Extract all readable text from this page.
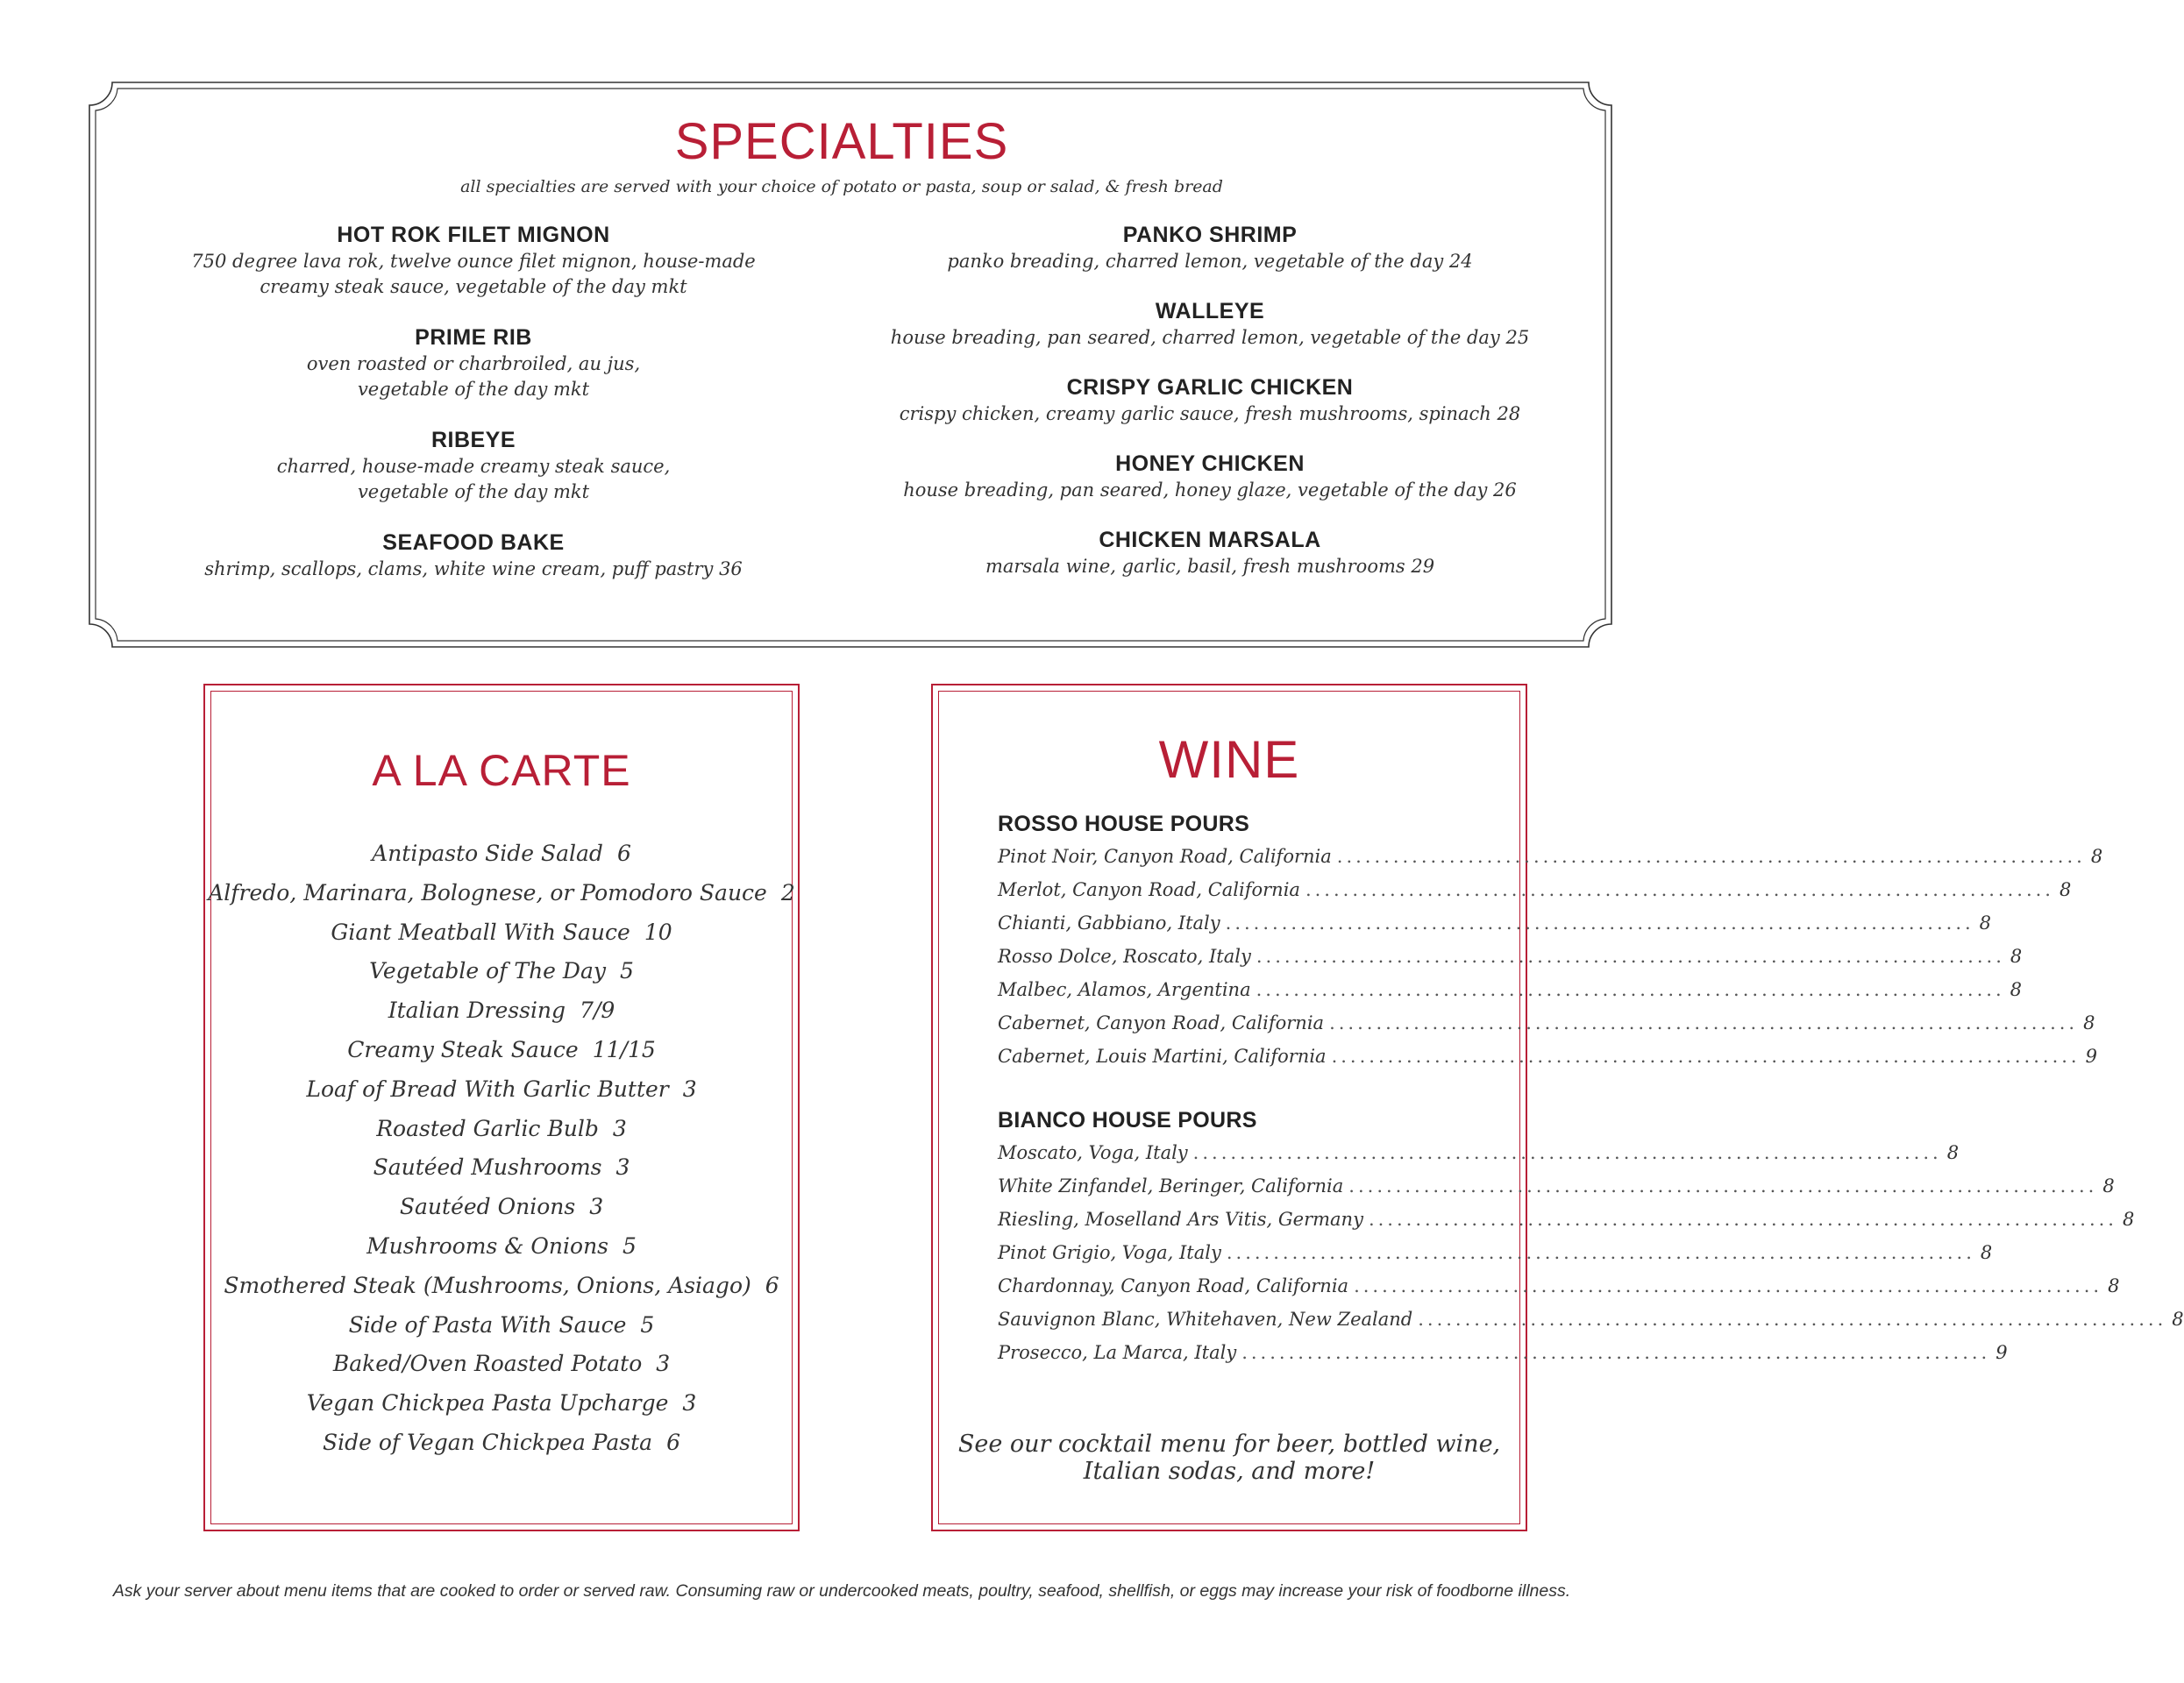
SPECIALTIES
all specialties are served with your choice of potato or pasta, soup or salad, & fresh bread
HOT ROK FILET MIGNON
750 degree lava rok, twelve ounce filet mignon, house-made
creamy steak sauce, vegetable of the day mkt
PRIME RIB
oven roasted or charbroiled, au jus,
vegetable of the day mkt
RIBEYE
charred, house-made creamy steak sauce,
vegetable of the day mkt
SEAFOOD BAKE
shrimp, scallops, clams, white wine cream, puff pastry 36
PANKO SHRIMP
panko breading, charred lemon, vegetable of the day 24
WALLEYE
house breading, pan seared, charred lemon, vegetable of the day 25
CRISPY GARLIC CHICKEN
crispy chicken, creamy garlic sauce, fresh mushrooms, spinach 28
HONEY CHICKEN
house breading, pan seared, honey glaze, vegetable of the day 26
CHICKEN MARSALA
marsala wine, garlic, basil, fresh mushrooms 29
A LA CARTE
Antipasto Side Salad 6
Alfredo, Marinara, Bolognese, or Pomodoro Sauce 2
Giant Meatball With Sauce 10
Vegetable of The Day 5
Italian Dressing 7/9
Creamy Steak Sauce 11/15
Loaf of Bread With Garlic Butter 3
Roasted Garlic Bulb 3
Sautéed Mushrooms 3
Sautéed Onions 3
Mushrooms & Onions 5
Smothered Steak (Mushrooms, Onions, Asiago) 6
Side of Pasta With Sauce 5
Baked/Oven Roasted Potato 3
Vegan Chickpea Pasta Upcharge 3
Side of Vegan Chickpea Pasta 6
WINE
ROSSO HOUSE POURS
Pinot Noir, Canyon Road, California ................................................................................ 8
Merlot, Canyon Road, California ................................................................................ 8
Chianti, Gabbiano, Italy ................................................................................ 8
Rosso Dolce, Roscato, Italy ................................................................................ 8
Malbec, Alamos, Argentina ................................................................................ 8
Cabernet, Canyon Road, California ................................................................................ 8
Cabernet, Louis Martini, California ................................................................................ 9
BIANCO HOUSE POURS
Moscato, Voga, Italy ................................................................................ 8
White Zinfandel, Beringer, California ................................................................................ 8
Riesling, Moselland Ars Vitis, Germany ................................................................................ 8
Pinot Grigio, Voga, Italy ................................................................................ 8
Chardonnay, Canyon Road, California ................................................................................ 8
Sauvignon Blanc, Whitehaven, New Zealand ................................................................................ 8
Prosecco, La Marca, Italy ................................................................................ 9
See our cocktail menu for beer, bottled wine,
Italian sodas, and more!
Ask your server about menu items that are cooked to order or served raw. Consuming raw or undercooked meats, poultry, seafood, shellfish, or eggs may increase your risk of foodborne illness.
